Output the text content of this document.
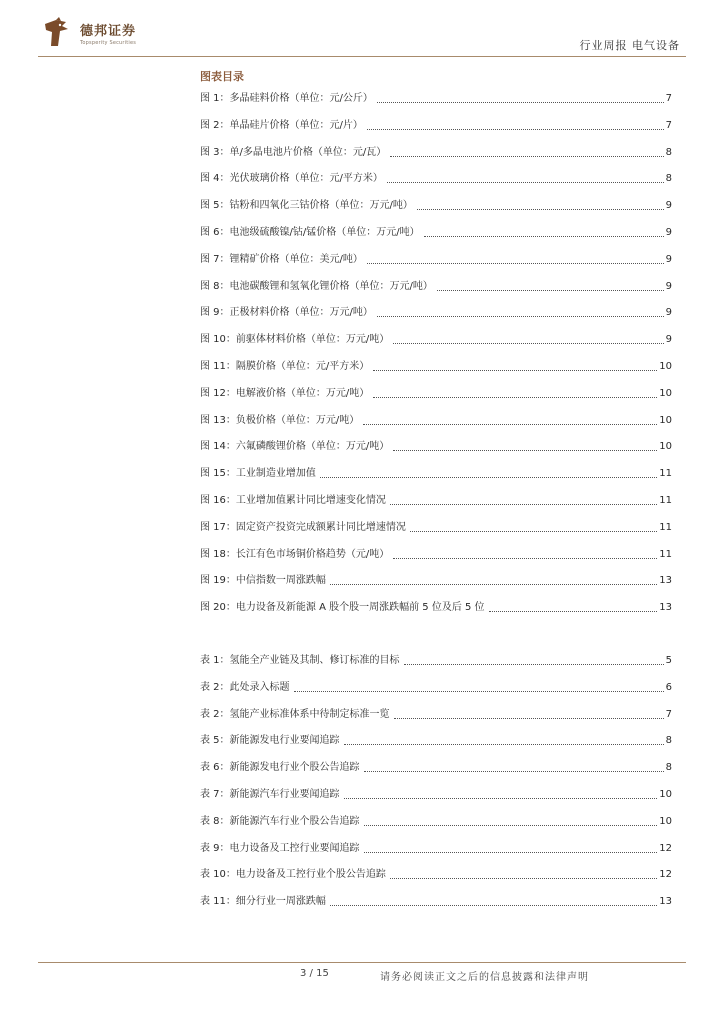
德邦证券
Topsperity Securities	行业周报 电气设备
图表目录
图 1：多晶硅料价格（单位：元/公斤）	7
图 2：单晶硅片价格（单位：元/片）	7
图 3：单/多晶电池片价格（单位：元/瓦）	8
图 4：光伏玻璃价格（单位：元/平方米）	8
图 5：钴粉和四氧化三钴价格（单位：万元/吨）	9
图 6：电池级硫酸镍/钴/锰价格（单位：万元/吨）	9
图 7：锂精矿价格（单位：美元/吨）	9
图 8：电池碳酸锂和氢氧化锂价格（单位：万元/吨）	9
图 9：正极材料价格（单位：万元/吨）	9
图 10：前驱体材料价格（单位：万元/吨）	9
图 11：隔膜价格（单位：元/平方米）	10
图 12：电解液价格（单位：万元/吨）	10
图 13：负极价格（单位：万元/吨）	10
图 14：六氟磷酸锂价格（单位：万元/吨）	10
图 15：工业制造业增加值	11
图 16：工业增加值累计同比增速变化情况	11
图 17：固定资产投资完成额累计同比增速情况	11
图 18：长江有色市场铜价格趋势（元/吨）	11
图 19：中信指数一周涨跌幅	13
图 20：电力设备及新能源 A 股个股一周涨跌幅前 5 位及后 5 位	13
表 1：氢能全产业链及其制、修订标准的目标	5
表 2：此处录入标题	6
表 2：氢能产业标准体系中待制定标准一览	7
表 5：新能源发电行业要闻追踪	8
表 6：新能源发电行业个股公告追踪	8
表 7：新能源汽车行业要闻追踪	10
表 8：新能源汽车行业个股公告追踪	10
表 9：电力设备及工控行业要闻追踪	12
表 10：电力设备及工控行业个股公告追踪	12
表 11：细分行业一周涨跌幅	13
3 / 15	请务必阅读正文之后的信息披露和法律声明
